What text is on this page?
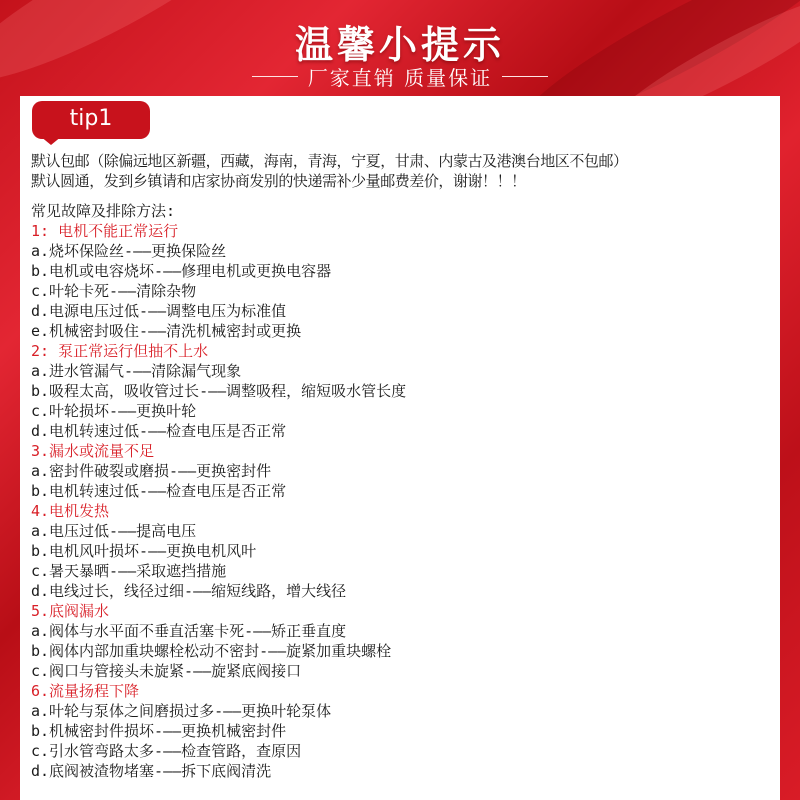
温馨小提示
厂家直销 质量保证
tip1
默认包邮（除偏远地区新疆，西藏，海南，青海，宁夏，甘肃、内蒙古及港澳台地区不包邮）
默认圆通，发到乡镇请和店家协商发别的快递需补少量邮费差价，谢谢！！！
常见故障及排除方法:
1: 电机不能正常运行
a.烧坏保险丝-——更换保险丝
b.电机或电容烧坏-——修理电机或更换电容器
c.叶轮卡死-——清除杂物
d.电源电压过低-——调整电压为标准值
e.机械密封吸住-——清洗机械密封或更换
2: 泵正常运行但抽不上水
a.进水管漏气-——清除漏气现象
b.吸程太高，吸收管过长-——调整吸程，缩短吸水管长度
c.叶轮损坏-——更换叶轮
d.电机转速过低-——检查电压是否正常
3.漏水或流量不足
a.密封件破裂或磨损-——更换密封件
b.电机转速过低-——检查电压是否正常
4.电机发热
a.电压过低-——提高电压
b.电机风叶损坏-——更换电机风叶
c.暑天暴晒-——采取遮挡措施
d.电线过长，线径过细-——缩短线路，增大线径
5.底阀漏水
a.阀体与水平面不垂直活塞卡死-——矫正垂直度
b.阀体内部加重块螺栓松动不密封-——旋紧加重块螺栓
c.阀口与管接头未旋紧-——旋紧底阀接口
6.流量扬程下降
a.叶轮与泵体之间磨损过多-——更换叶轮泵体
b.机械密封件损坏-——更换机械密封件
c.引水管弯路太多-——检查管路，查原因
d.底阀被渣物堵塞-——拆下底阀清洗
